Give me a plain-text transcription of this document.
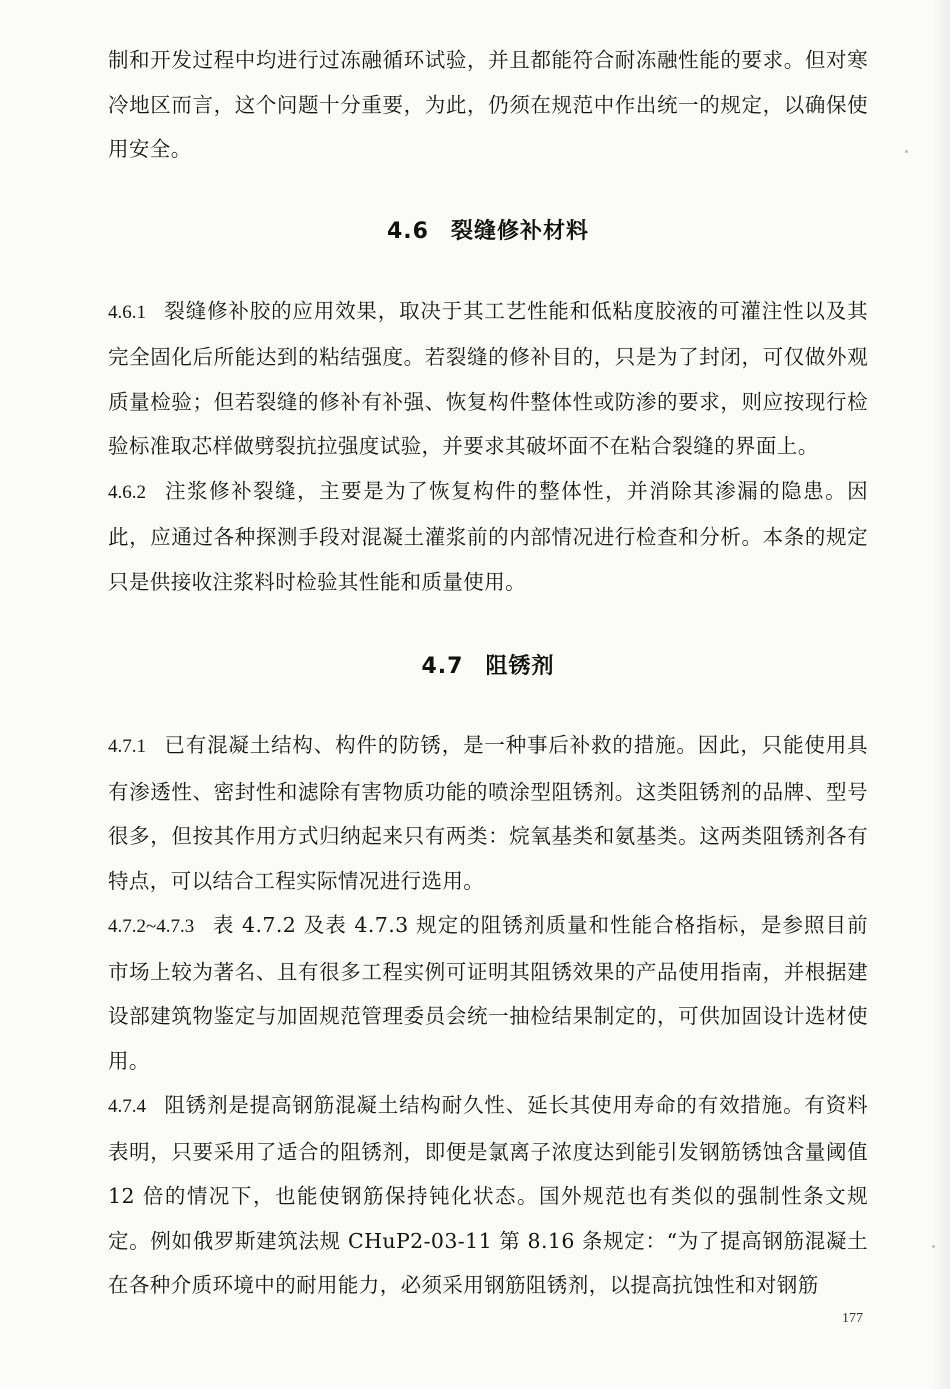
制和开发过程中均进行过冻融循环试验，并且都能符合耐冻融性能的要求。但对寒冷地区而言，这个问题十分重要，为此，仍须在规范中作出统一的规定，以确保使用安全。

4.6 裂缝修补材料

4.6.1 裂缝修补胶的应用效果，取决于其工艺性能和低粘度胶液的可灌注性以及其完全固化后所能达到的粘结强度。若裂缝的修补目的，只是为了封闭，可仅做外观质量检验；但若裂缝的修补有补强、恢复构件整体性或防渗的要求，则应按现行检验标准取芯样做劈裂抗拉强度试验，并要求其破坏面不在粘合裂缝的界面上。

4.6.2 注浆修补裂缝，主要是为了恢复构件的整体性，并消除其渗漏的隐患。因此，应通过各种探测手段对混凝土灌浆前的内部情况进行检查和分析。本条的规定只是供接收注浆料时检验其性能和质量使用。

4.7 阻锈剂

4.7.1 已有混凝土结构、构件的防锈，是一种事后补救的措施。因此，只能使用具有渗透性、密封性和滤除有害物质功能的喷涂型阻锈剂。这类阻锈剂的品牌、型号很多，但按其作用方式归纳起来只有两类：烷氧基类和氨基类。这两类阻锈剂各有特点，可以结合工程实际情况进行选用。

4.7.2~4.7.3 表 4.7.2 及表 4.7.3 规定的阻锈剂质量和性能合格指标，是参照目前市场上较为著名、且有很多工程实例可证明其阻锈效果的产品使用指南，并根据建设部建筑物鉴定与加固规范管理委员会统一抽检结果制定的，可供加固设计选材使用。

4.7.4 阻锈剂是提高钢筋混凝土结构耐久性、延长其使用寿命的有效措施。有资料表明，只要采用了适合的阻锈剂，即便是氯离子浓度达到能引发钢筋锈蚀含量阈值 12 倍的情况下，也能使钢筋保持钝化状态。国外规范也有类似的强制性条文规定。例如俄罗斯建筑法规 CHuP2-03-11 第 8.16 条规定：“为了提高钢筋混凝土在各种介质环境中的耐用能力，必须采用钢筋阻锈剂，以提高抗蚀性和对钢筋

177
